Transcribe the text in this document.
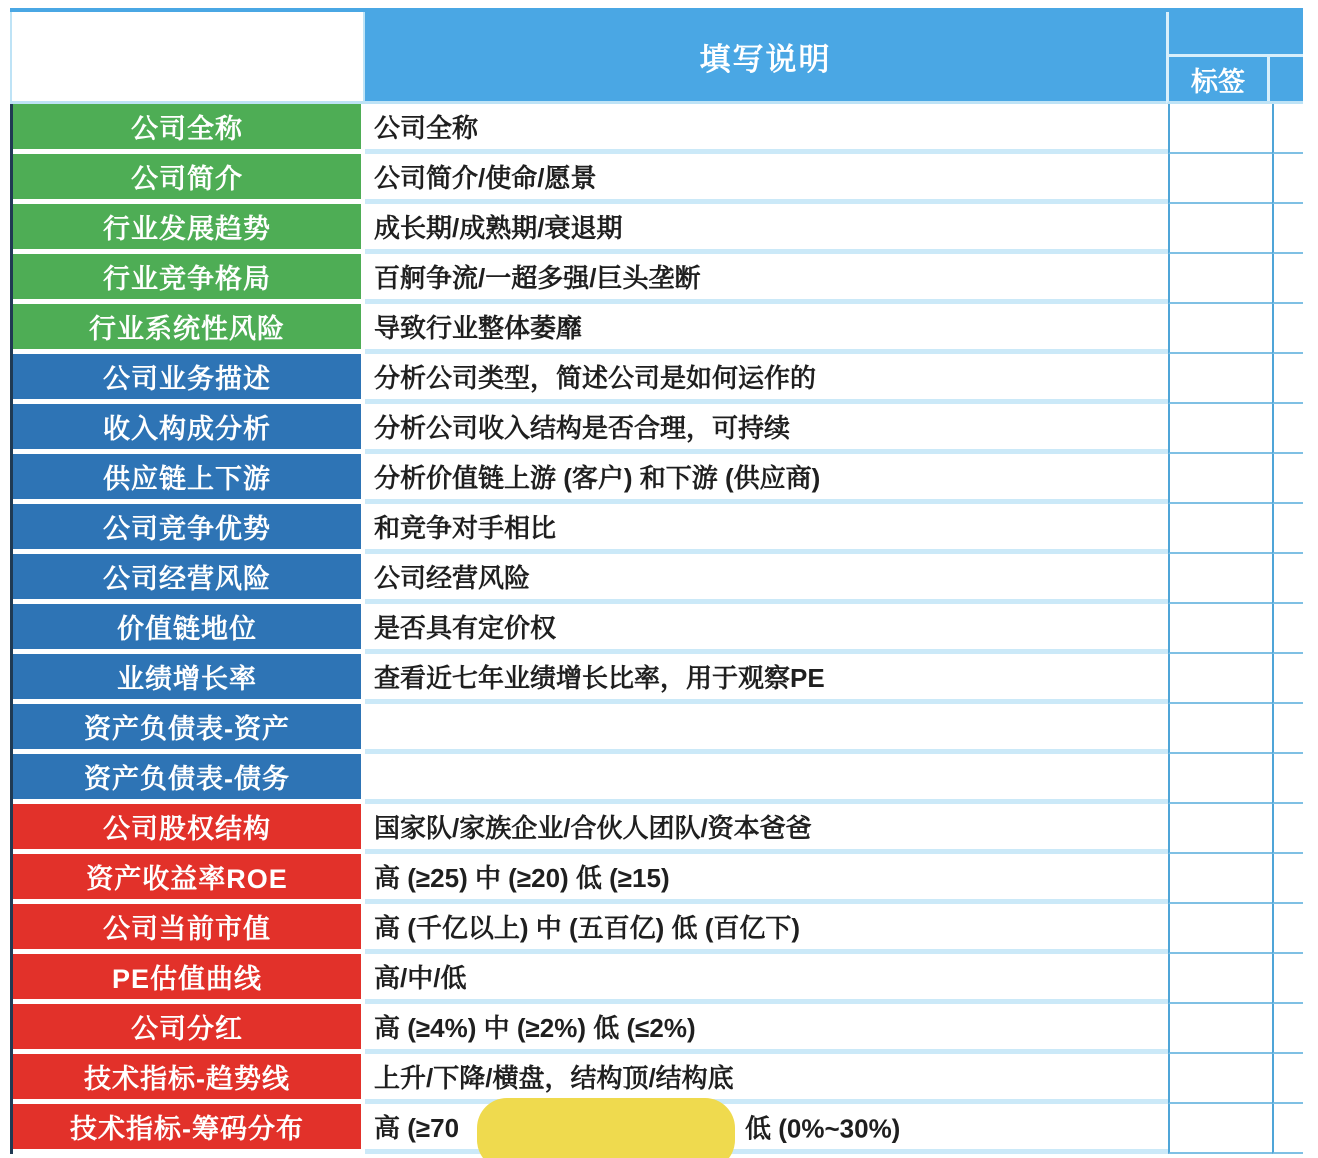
填写说明
标签
公司全称	公司全称
公司简介	公司简介/使命/愿景
行业发展趋势	成长期/成熟期/衰退期
行业竞争格局	百舸争流/一超多强/巨头垄断
行业系统性风险	导致行业整体萎靡
公司业务描述	分析公司类型，简述公司是如何运作的
收入构成分析	分析公司收入结构是否合理，可持续
供应链上下游	分析价值链上游 (客户) 和下游 (供应商)
公司竞争优势	和竞争对手相比
公司经营风险	公司经营风险
价值链地位	是否具有定价权
业绩增长率	查看近七年业绩增长比率，用于观察PE
资产负债表-资产
资产负债表-债务
公司股权结构	国家队/家族企业/合伙人团队/资本爸爸
资产收益率ROE	高 (≥25) 中 (≥20) 低 (≥15)
公司当前市值	高 (千亿以上) 中 (五百亿) 低 (百亿下)
PE估值曲线	高/中/低
公司分红	高 (≥4%) 中 (≥2%) 低 (≤2%)
技术指标-趋势线	上升/下降/横盘，结构顶/结构底
技术指标-筹码分布	高 (≥70	低 (0%~30%)
